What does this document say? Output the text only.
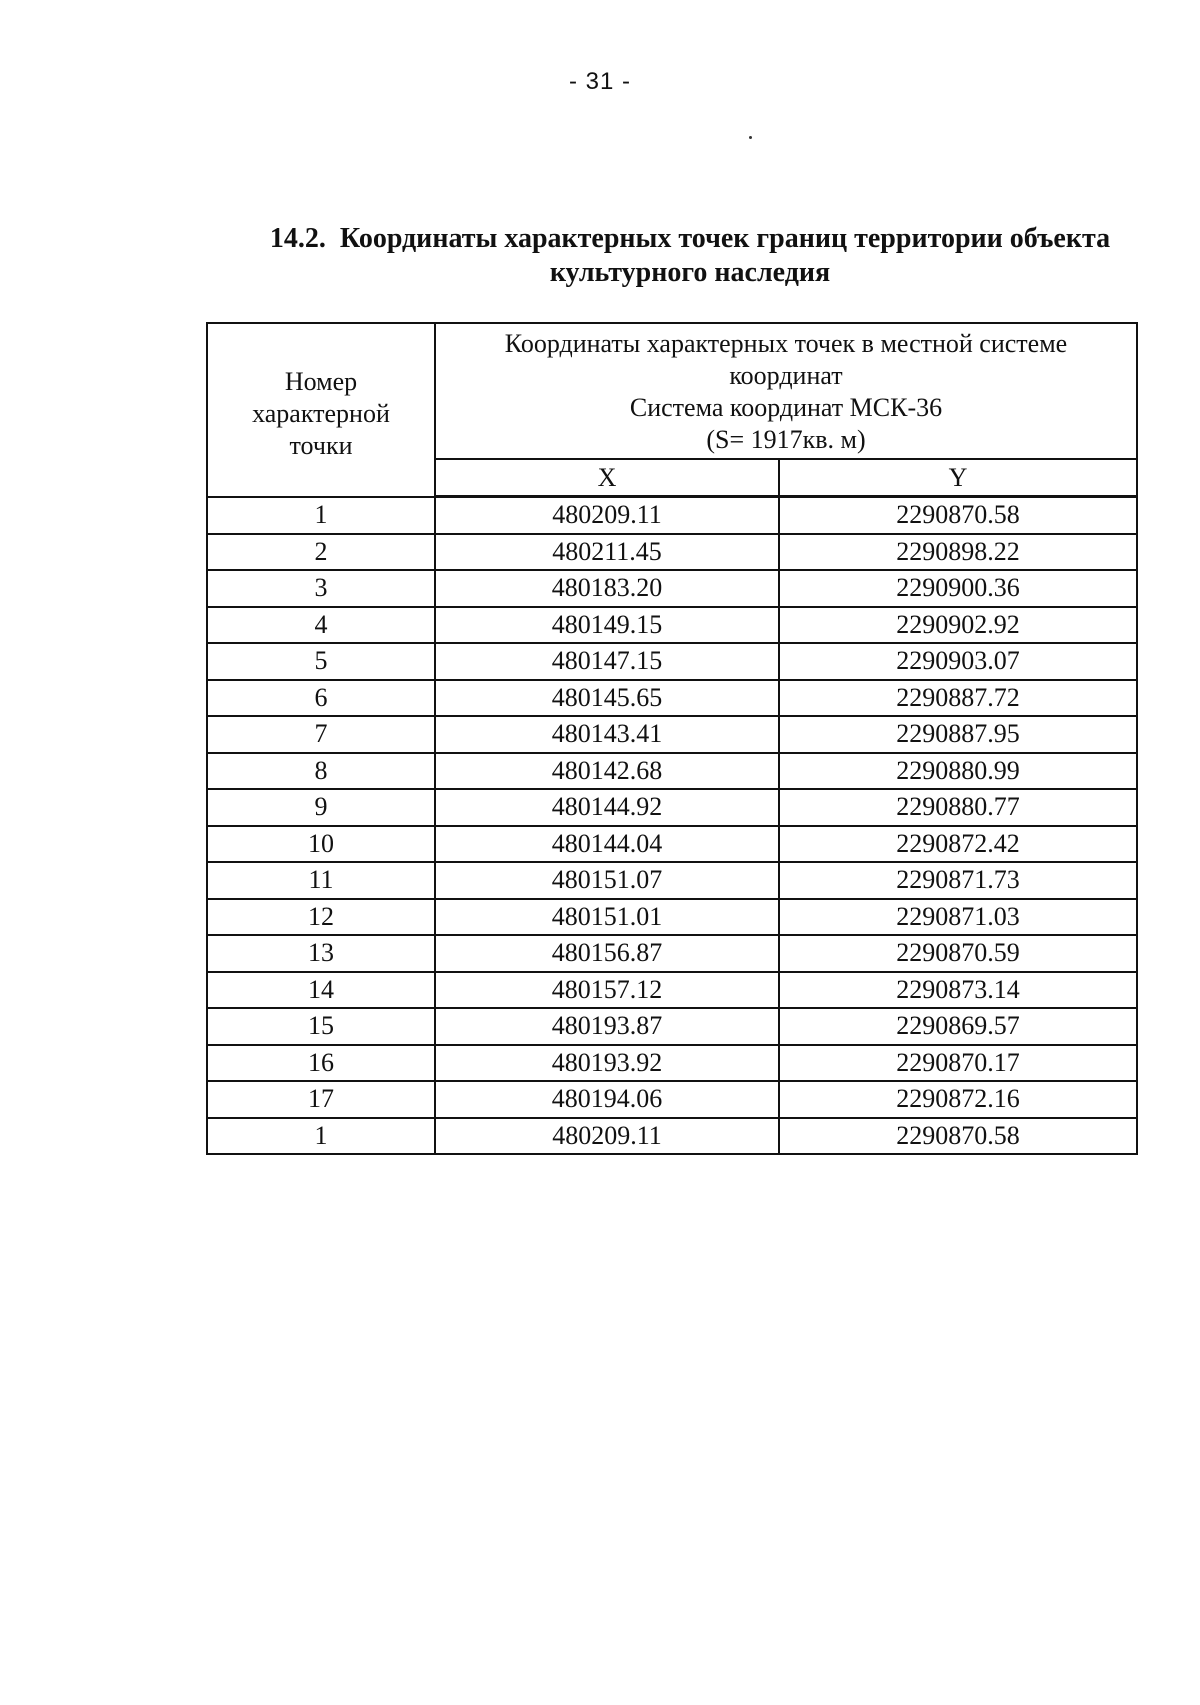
- 31 -
14.2. Координаты характерных точек границ территории объекта
культурного наследия
Номер
характерной
точки	Координаты характерных точек в местной системе
координат
Система координат МСК-36
(S= 1917кв. м)	

	X	Y
1	480209.11	2290870.58
2	480211.45	2290898.22
3	480183.20	2290900.36
4	480149.15	2290902.92
5	480147.15	2290903.07
6	480145.65	2290887.72
7	480143.41	2290887.95
8	480142.68	2290880.99
9	480144.92	2290880.77
10	480144.04	2290872.42
11	480151.07	2290871.73
12	480151.01	2290871.03
13	480156.87	2290870.59
14	480157.12	2290873.14
15	480193.87	2290869.57
16	480193.92	2290870.17
17	480194.06	2290872.16
1	480209.11	2290870.58
